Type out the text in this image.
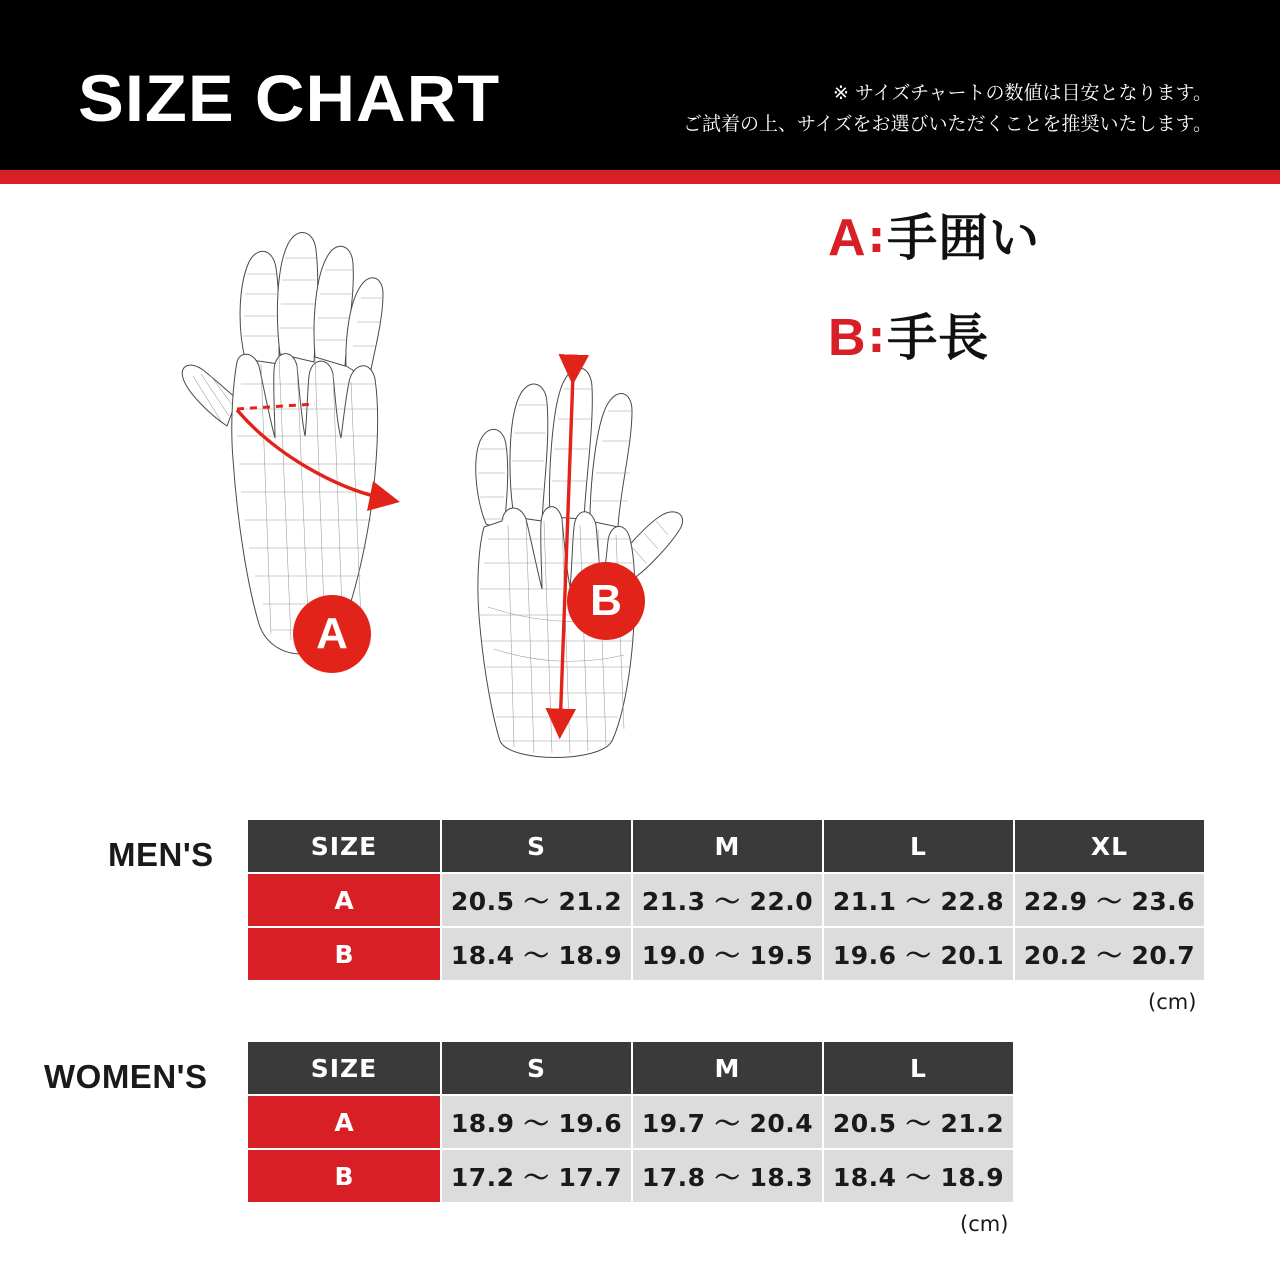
SIZE CHART	※ サイズチャートの数値は目安となります。
ご試着の上、サイズをお選びいただくことを推奨いたします。
A
B
A : 手囲い
B : 手長
MEN'S	SIZE	S	M	L	XL
A	20.5 ～ 21.2	21.3 ～ 22.0	21.1 ～ 22.8	22.9 ～ 23.6
B	18.4 ～ 18.9	19.0 ～ 19.5	19.6 ～ 20.1	20.2 ～ 20.7
(cm)
WOMEN'S	SIZE	S	M	L
A	18.9 ～ 19.6	19.7 ～ 20.4	20.5 ～ 21.2
B	17.2 ～ 17.7	17.8 ～ 18.3	18.4 ～ 18.9
(cm)
